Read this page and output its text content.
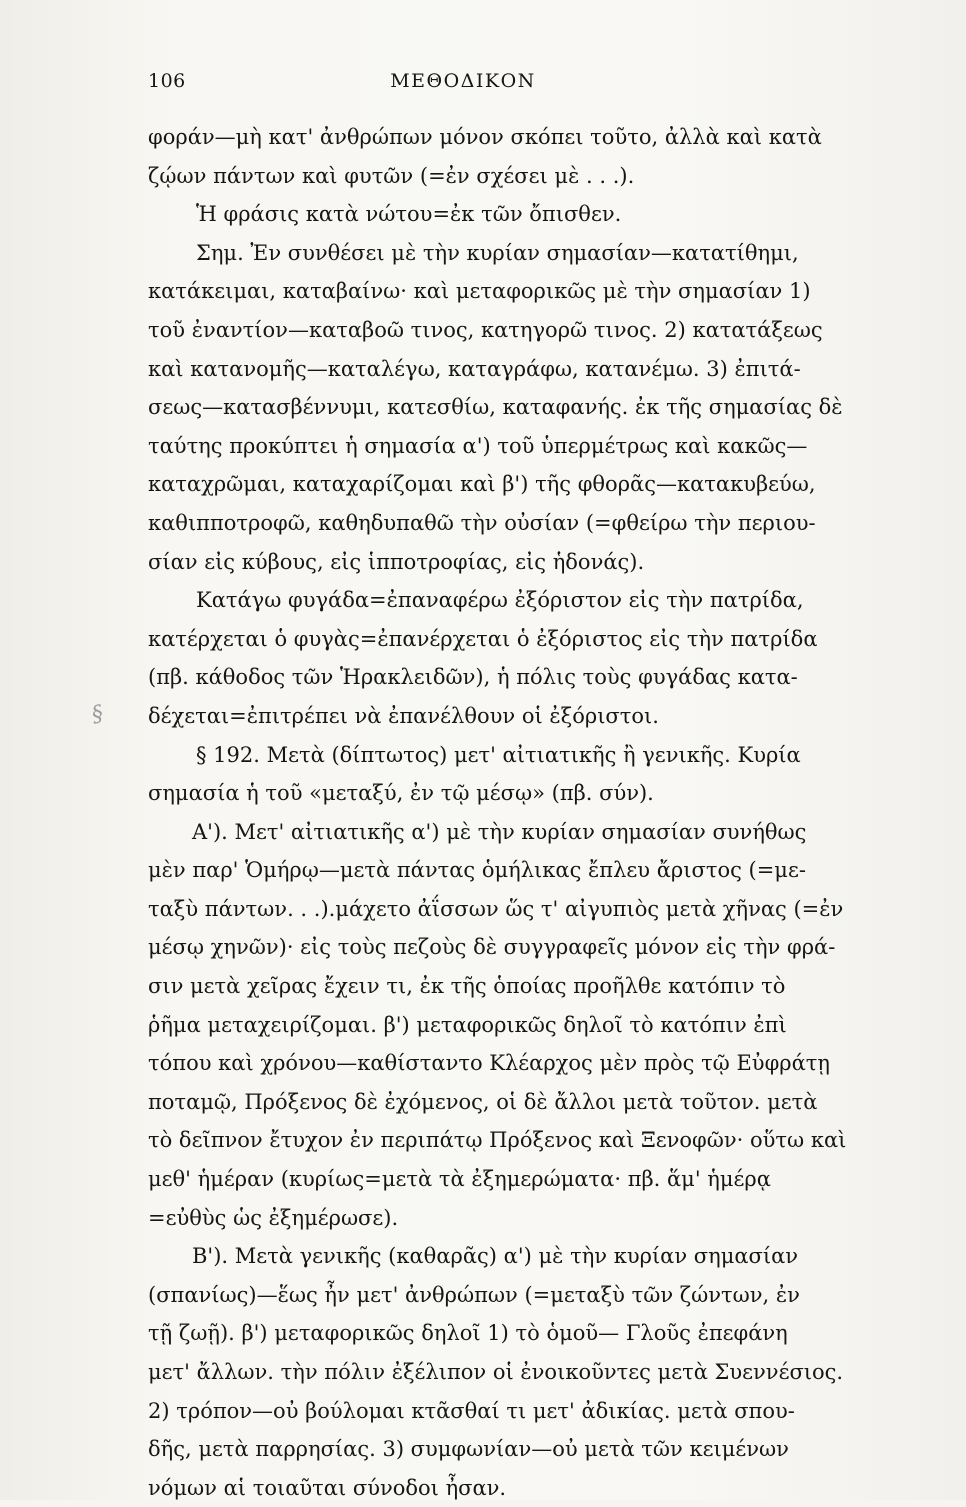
106	ΜΕΘΟΔΙΚΟΝ
§
φοράν—μὴ κατ' ἀνθρώπων μόνον σκόπει τοῦτο, ἀλλὰ καὶ κατὰ
ζῴων πάντων καὶ φυτῶν (=ἐν σχέσει μὲ . . .).
Ἡ φράσις κατὰ νώτου=ἐκ τῶν ὄπισθεν.
Σημ. Ἐν συνθέσει μὲ τὴν κυρίαν σημασίαν—κατατίθημι,
κατάκειμαι, καταβαίνω· καὶ μεταφορικῶς μὲ τὴν σημασίαν 1)
τοῦ ἐναντίον—καταβοῶ τινος, κατηγορῶ τινος. 2) κατατάξεως
καὶ κατανομῆς—καταλέγω, καταγράφω, κατανέμω. 3) ἐπιτά-
σεως—κατασβέννυμι, κατεσθίω, καταφανής. ἐκ τῆς σημασίας δὲ
ταύτης προκύπτει ἡ σημασία α') τοῦ ὑπερμέτρως καὶ κακῶς—
καταχρῶμαι, καταχαρίζομαι καὶ β') τῆς φθορᾶς—κατακυβεύω,
καθιπποτροφῶ, καθηδυπαθῶ τὴν οὐσίαν (=φθείρω τὴν περιου-
σίαν εἰς κύβους, εἰς ἱπποτροφίας, εἰς ἡδονάς).
Κατάγω φυγάδα=ἐπαναφέρω ἐξόριστον εἰς τὴν πατρίδα,
κατέρχεται ὁ φυγὰς=ἐπανέρχεται ὁ ἐξόριστος εἰς τὴν πατρίδα
(πβ. κάθοδος τῶν Ἡρακλειδῶν), ἡ πόλις τοὺς φυγάδας κατα-
δέχεται=ἐπιτρέπει νὰ ἐπανέλθουν οἱ ἐξόριστοι.
§ 192. Μετὰ (δίπτωτος) μετ' αἰτιατικῆς ἢ γενικῆς. Κυρία
σημασία ἡ τοῦ «μεταξύ, ἐν τῷ μέσῳ» (πβ. σύν).
Α'). Μετ' αἰτιατικῆς α') μὲ τὴν κυρίαν σημασίαν συνήθως
μὲν παρ' Ὁμήρῳ—μετὰ πάντας ὁμήλικας ἔπλευ ἄριστος (=με-
ταξὺ πάντων. . .).μάχετο ἀΐσσων ὥς τ' αἰγυπιὸς μετὰ χῆνας (=ἐν
μέσῳ χηνῶν)· εἰς τοὺς πεζοὺς δὲ συγγραφεῖς μόνον εἰς τὴν φρά-
σιν μετὰ χεῖρας ἔχειν τι, ἐκ τῆς ὁποίας προῆλθε κατόπιν τὸ
ῥῆμα μεταχειρίζομαι. β') μεταφορικῶς δηλοῖ τὸ κατόπιν ἐπὶ
τόπου καὶ χρόνου—καθίσταντο Κλέαρχος μὲν πρὸς τῷ Εὐφράτῃ
ποταμῷ, Πρόξενος δὲ ἐχόμενος, οἱ δὲ ἄλλοι μετὰ τοῦτον. μετὰ
τὸ δεῖπνον ἔτυχον ἐν περιπάτῳ Πρόξενος καὶ Ξενοφῶν· οὕτω καὶ
μεθ' ἡμέραν (κυρίως=μετὰ τὰ ἐξημερώματα· πβ. ἅμ' ἡμέρᾳ
=εὐθὺς ὡς ἐξημέρωσε).
Β'). Μετὰ γενικῆς (καθαρᾶς) α') μὲ τὴν κυρίαν σημασίαν
(σπανίως)—ἕως ἦν μετ' ἀνθρώπων (=μεταξὺ τῶν ζώντων, ἐν
τῇ ζωῇ). β') μεταφορικῶς δηλοῖ 1) τὸ ὁμοῦ— Γλοῦς ἐπεφάνη
μετ' ἄλλων. τὴν πόλιν ἐξέλιπον οἱ ἐνοικοῦντες μετὰ Συεννέσιος.
2) τρόπον—οὐ βούλομαι κτᾶσθαί τι μετ' ἀδικίας. μετὰ σπου-
δῆς, μετὰ παρρησίας. 3) συμφωνίαν—οὐ μετὰ τῶν κειμένων
νόμων αἱ τοιαῦται σύνοδοι ἦσαν.
